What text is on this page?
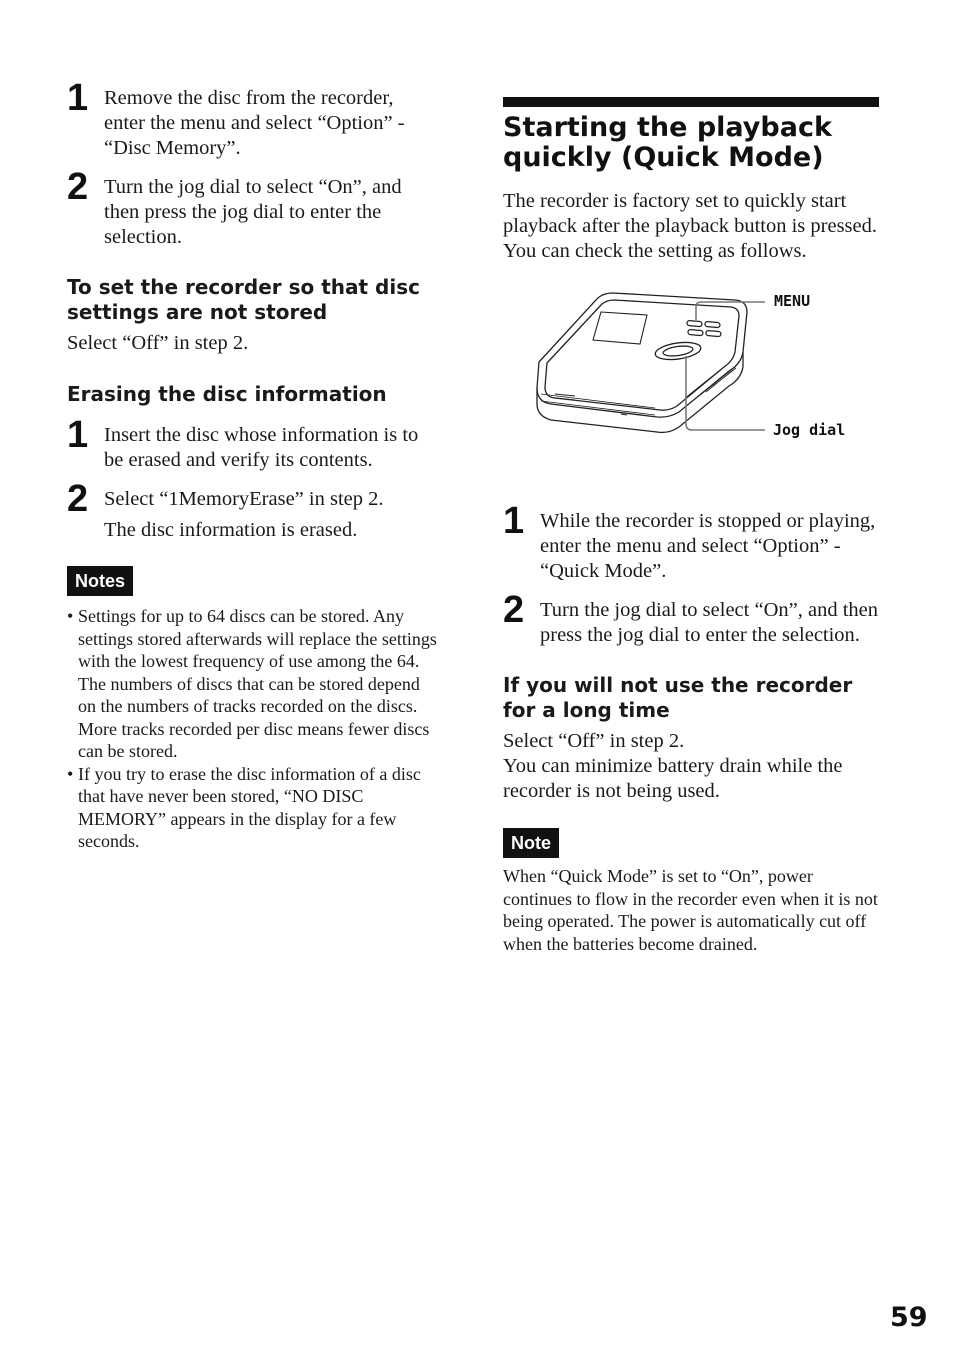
1 Remove the disc from the recorder, enter the menu and select “Option” - “Disc Memory”.
2 Turn the jog dial to select “On”, and then press the jog dial to enter the selection.
To set the recorder so that disc settings are not stored

Select “Off” in step 2.

Erasing the disc information
1 Insert the disc whose information is to be erased and verify its contents.
2 Select “1MemoryErase” in step 2.
The disc information is erased.
Notes
• Settings for up to 64 discs can be stored. Any settings stored afterwards will replace the settings with the lowest frequency of use among the 64. The numbers of discs that can be stored depend on the numbers of tracks recorded on the discs. More tracks recorded per disc means fewer discs can be stored.
• If you try to erase the disc information of a disc that have never been stored, “NO DISC MEMORY” appears in the display for a few seconds.
Starting the playback
quickly (Quick Mode)

The recorder is factory set to quickly start playback after the playback button is pressed.

You can check the setting as follows.

MENU
Jog dial
1 While the recorder is stopped or playing, enter the menu and select “Option” - “Quick Mode”.
2 Turn the jog dial to select “On”, and then press the jog dial to enter the selection.
If you will not use the recorder for a long time

Select “Off” in step 2.

You can minimize battery drain while the recorder is not being used.

Note

When “Quick Mode” is set to “On”, power continues to flow in the recorder even when it is not being operated. The power is automatically cut off when the batteries become drained.

59
